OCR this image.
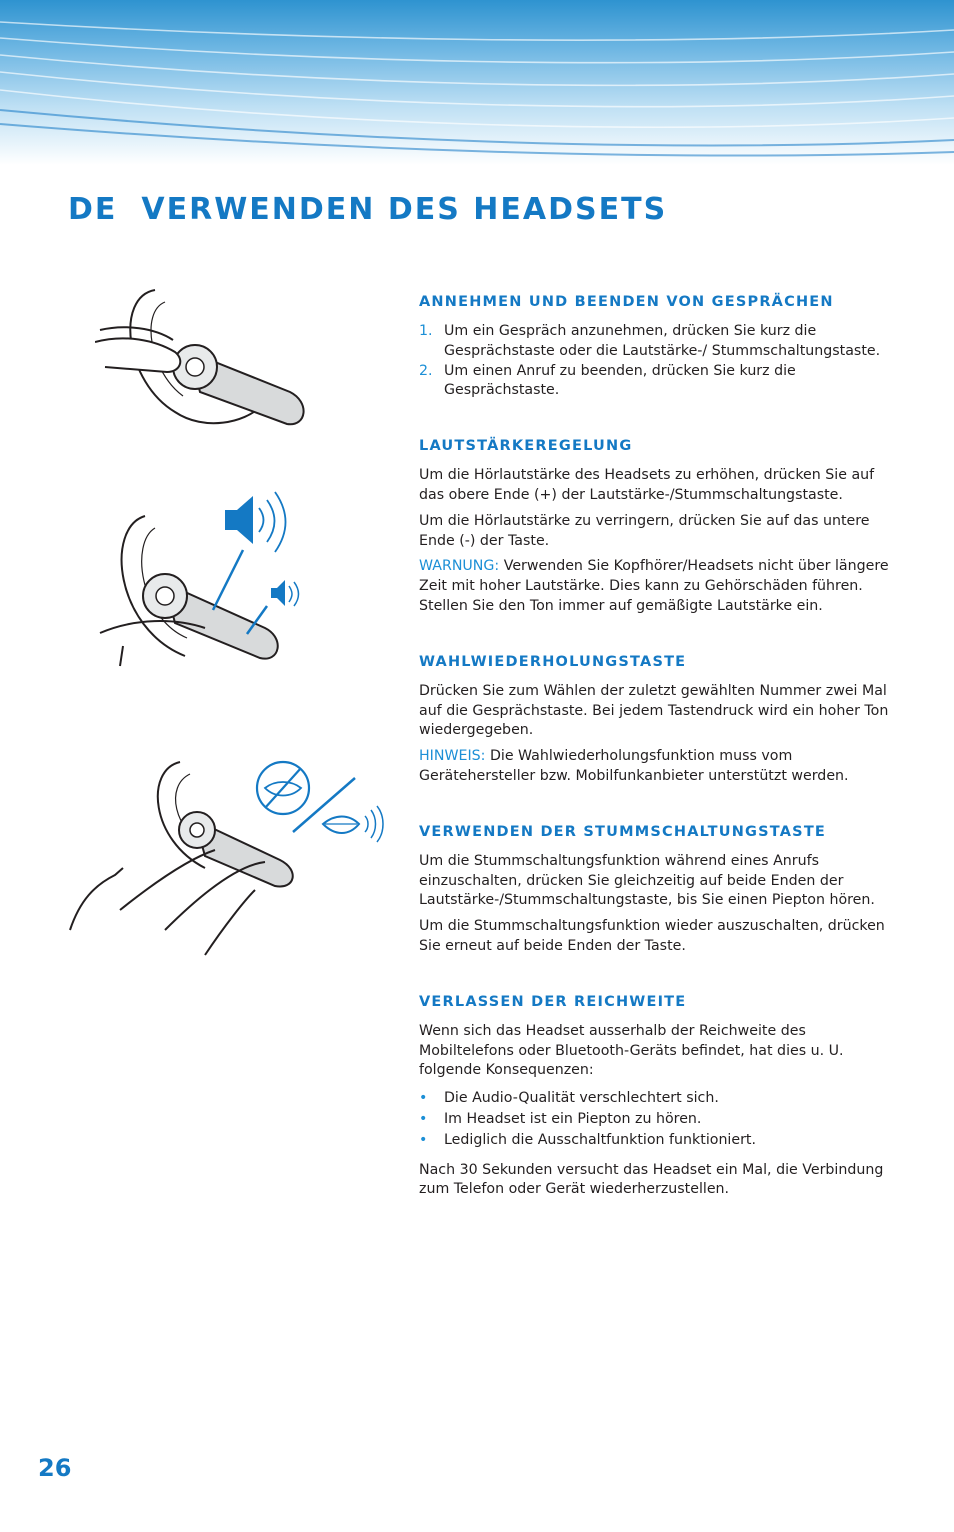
DE VERWENDEN DES HEADSETS
ANNEHMEN UND BEENDEN VON GESPRÄCHEN
1. Um ein Gespräch anzunehmen, drücken Sie kurz die Gesprächstaste oder die Lautstärke-/ Stummschaltungstaste.
2. Um einen Anruf zu beenden, drücken Sie kurz die Gesprächstaste.
LAUTSTÄRKEREGELUNG

Um die Hörlautstärke des Headsets zu erhöhen, drücken Sie auf das obere Ende (+) der Lautstärke-/Stummschaltungstaste.

Um die Hörlautstärke zu verringern, drücken Sie auf das untere Ende (-) der Taste.

WARNUNG: Verwenden Sie Kopfhörer/Headsets nicht über längere Zeit mit hoher Lautstärke. Dies kann zu Gehörschäden führen. Stellen Sie den Ton immer auf gemäßigte Lautstärke ein.

WAHLWIEDERHOLUNGSTASTE

Drücken Sie zum Wählen der zuletzt gewählten Nummer zwei Mal auf die Gesprächstaste. Bei jedem Tastendruck wird ein hoher Ton wiedergegeben.

HINWEIS: Die Wahlwiederholungsfunktion muss vom Gerätehersteller bzw. Mobilfunkanbieter unterstützt werden.

VERWENDEN DER STUMMSCHALTUNGSTASTE

Um die Stummschaltungsfunktion während eines Anrufs einzuschalten, drücken Sie gleichzeitig auf beide Enden der Lautstärke-/Stummschaltungstaste, bis Sie einen Piepton hören.

Um die Stummschaltungsfunktion wieder auszuschalten, drücken Sie erneut auf beide Enden der Taste.

VERLASSEN DER REICHWEITE

Wenn sich das Headset ausserhalb der Reichweite des Mobiltelefons oder Bluetooth-Geräts befindet, hat dies u. U. folgende Konsequenzen:

• Die Audio-Qualität verschlechtert sich.
• Im Headset ist ein Piepton zu hören.
• Lediglich die Ausschaltfunktion funktioniert.

Nach 30 Sekunden versucht das Headset ein Mal, die Verbindung zum Telefon oder Gerät wiederherzustellen.

26
